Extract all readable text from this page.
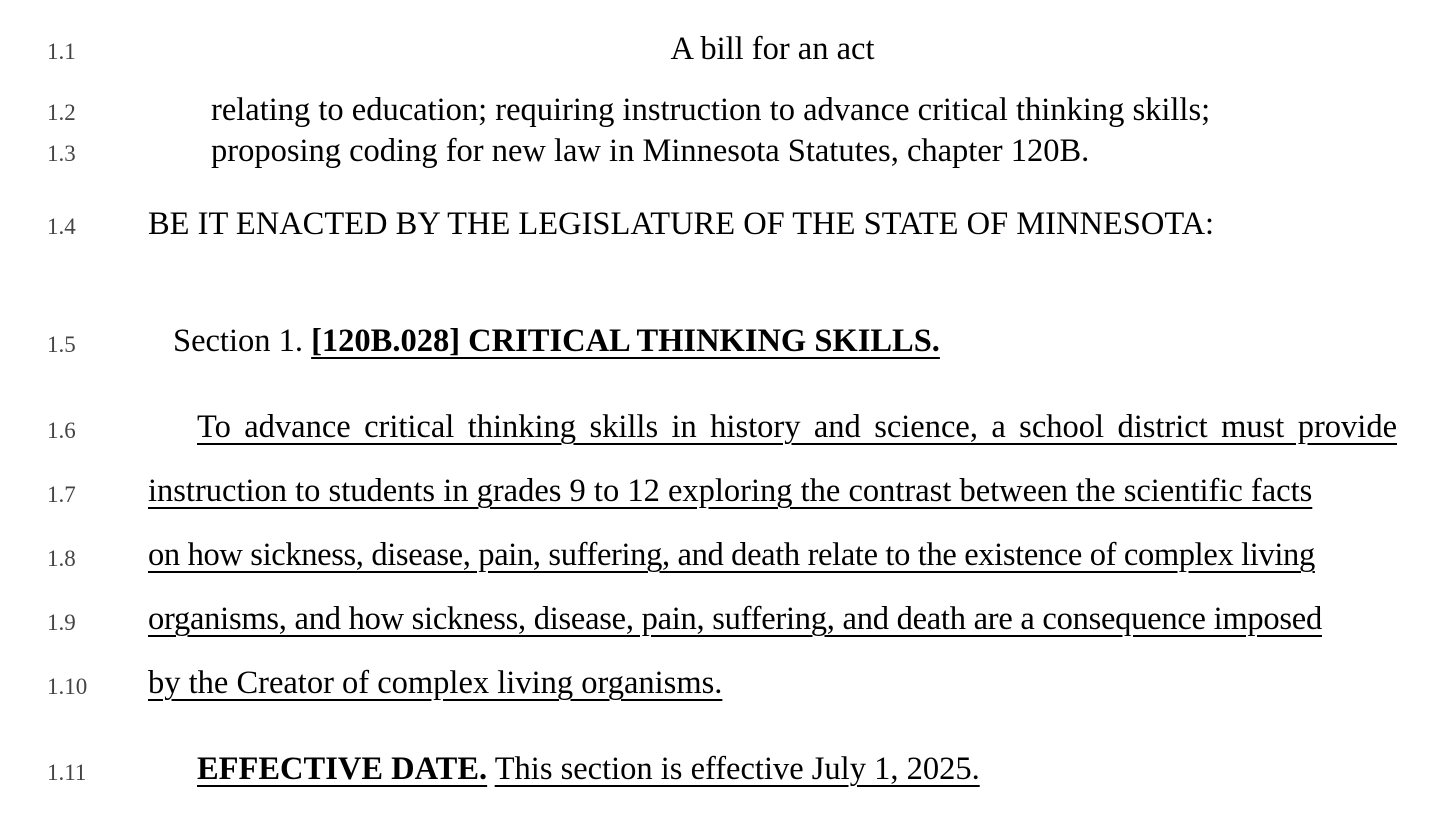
1.1
1.2
1.3
1.4
1.5
1.6
1.7
1.8
1.9
1.10
1.11
A bill for an act
relating to education; requiring instruction to advance critical thinking skills;
proposing coding for new law in Minnesota Statutes, chapter 120B.
BE IT ENACTED BY THE LEGISLATURE OF THE STATE OF MINNESOTA:
Section 1. [120B.028] CRITICAL THINKING SKILLS.
To advance critical thinking skills in history and science, a school district must provide
instruction to students in grades 9 to 12 exploring the contrast between the scientific facts
on how sickness, disease, pain, suffering, and death relate to the existence of complex living
organisms, and how sickness, disease, pain, suffering, and death are a consequence imposed
by the Creator of complex living organisms.
EFFECTIVE DATE. This section is effective July 1, 2025.
